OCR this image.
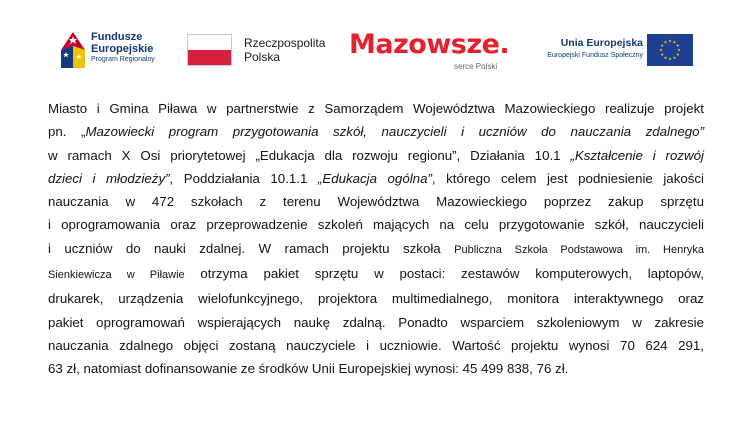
Fundusze
Europejskie
Program Regionalny
Rzeczpospolita
Polska	Mazowsze.
serce Polski
Unia Europejska
Europejski Fundusz Społeczny
Miasto i Gmina Piława w partnerstwie z Samorządem Województwa Mazowieckiego realizuje projekt
pn. „Mazowiecki program przygotowania szkół, nauczycieli i uczniów do nauczania zdalnego”
w ramach X Osi priorytetowej „Edukacja dla rozwoju regionu”, Działania 10.1 „Kształcenie i rozwój
dzieci i młodzieży”, Poddziałania 10.1.1 „Edukacja ogólna”, którego celem jest podniesienie jakości
nauczania w 472 szkołach z terenu Województwa Mazowieckiego poprzez zakup sprzętu
i oprogramowania oraz przeprowadzenie szkoleń mających na celu przygotowanie szkół, nauczycieli
i uczniów do nauki zdalnej. W ramach projektu szkoła Publiczna Szkoła Podstawowa im. Henryka
Sienkiewicza w Piławie otrzyma pakiet sprzętu w postaci: zestawów komputerowych, laptopów,
drukarek, urządzenia wielofunkcyjnego, projektora multimedialnego, monitora interaktywnego oraz
pakiet oprogramowań wspierających naukę zdalną. Ponadto wsparciem szkoleniowym w zakresie
nauczania zdalnego objęci zostaną nauczyciele i uczniowie. Wartość projektu wynosi 70 624 291,
63 zł, natomiast dofinansowanie ze środków Unii Europejskiej wynosi: 45 499 838, 76 zł.
